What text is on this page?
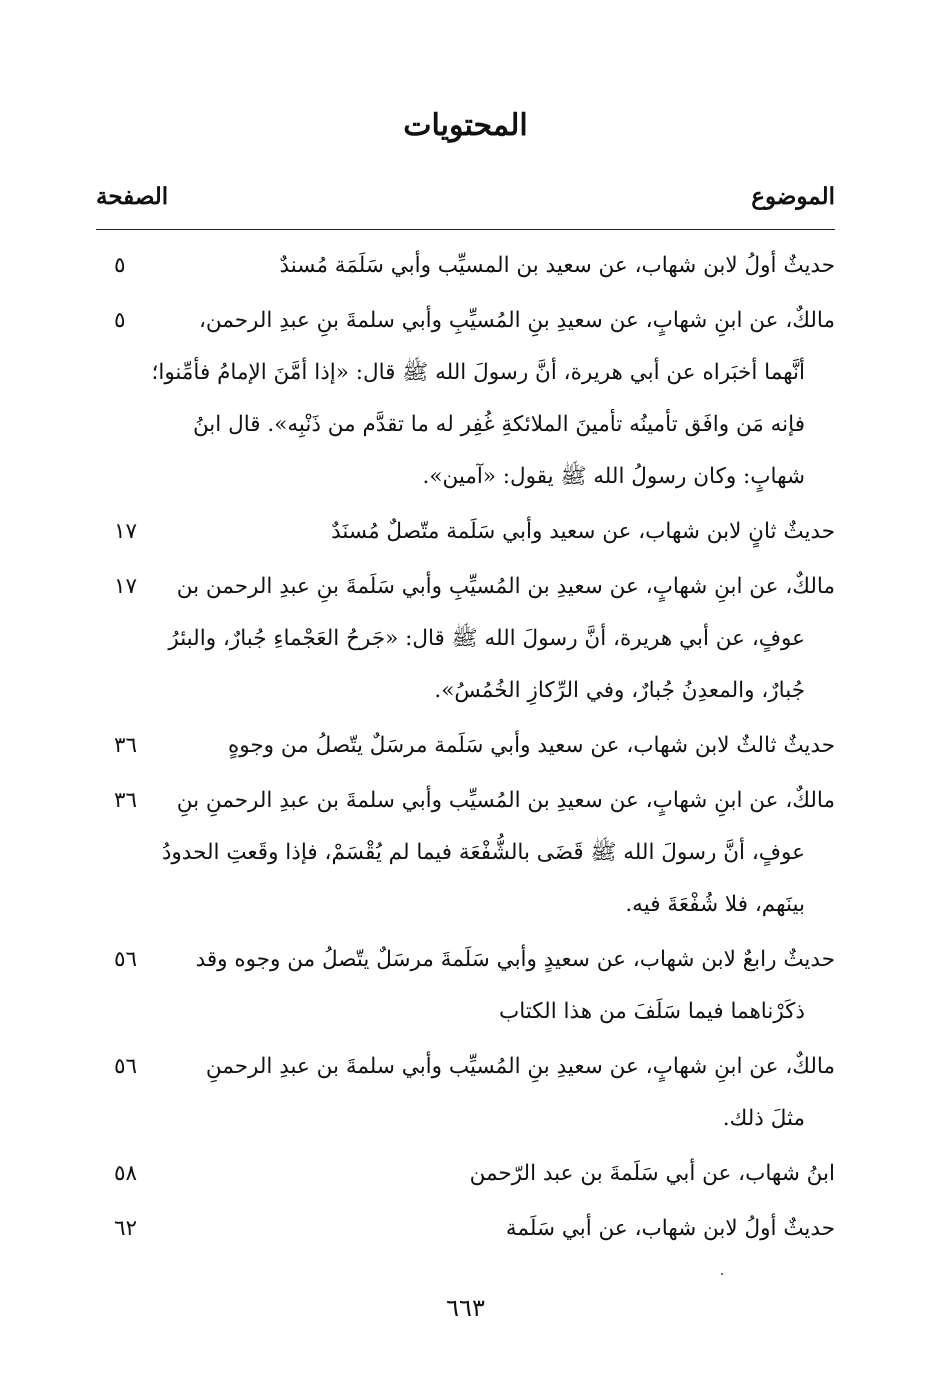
المحتويات
الموضوع
الصفحة
حديثٌ أولُ لابن شهاب، عن سعيد بن المسيِّب وأبي سَلَمَة مُسندٌ
٥
مالكٌ، عن ابنِ شهابٍ، عن سعيدِ بنِ المُسيِّبِ وأبي سلمةَ بنِ عبدِ الرحمن،
أنَّهما أخبَراه عن أبي هريرة، أنَّ رسولَ الله ﷺ قال: «إذا أمَّنَ الإمامُ فأمِّنوا؛
فإنه مَن وافَق تأمينُه تأمينَ الملائكةِ غُفِر له ما تقدَّم من ذَنْبِه». قال ابنُ
شهابٍ: وكان رسولُ الله ﷺ يقول: «آمين».
٥
حديثٌ ثانٍ لابن شهاب، عن سعيد وأبي سَلَمة متّصلٌ مُسنَدٌ
١٧
مالكٌ، عن ابنِ شهابٍ، عن سعيدِ بن المُسيِّبِ وأبي سَلَمةَ بنِ عبدِ الرحمن بن
عوفٍ، عن أبي هريرة، أنَّ رسولَ الله ﷺ قال: «جَرحُ العَجْماءِ جُبارٌ، والبئرُ
جُبارٌ، والمعدِنُ جُبارٌ، وفي الرِّكازِ الخُمُسُ».
١٧
حديثٌ ثالثٌ لابن شهاب، عن سعيد وأبي سَلَمة مرسَلٌ يتّصلُ من وجوهٍ
٣٦
مالكٌ، عن ابنِ شهابٍ، عن سعيدِ بن المُسيِّب وأبي سلمةَ بن عبدِ الرحمنِ بنِ
عوفٍ، أنَّ رسولَ الله ﷺ قَضَى بالشُّفْعَة فيما لم يُقْسَمْ، فإذا وقَعتِ الحدودُ
بينَهم، فلا شُفْعَةَ فيه.
٣٦
حديثٌ رابعٌ لابن شهاب، عن سعيدٍ وأبي سَلَمةَ مرسَلٌ يتّصلُ من وجوه وقد
ذكَرْناهما فيما سَلَفَ من هذا الكتاب
٥٦
مالكٌ، عن ابنِ شهابٍ، عن سعيدِ بنِ المُسيِّب وأبي سلمةَ بن عبدِ الرحمنِ
مثلَ ذلك.
٥٦
ابنُ شهاب، عن أبي سَلَمةَ بن عبد الرّحمن
٥٨
حديثٌ أولُ لابن شهاب، عن أبي سَلَمة
٦٢
٦٦٣
